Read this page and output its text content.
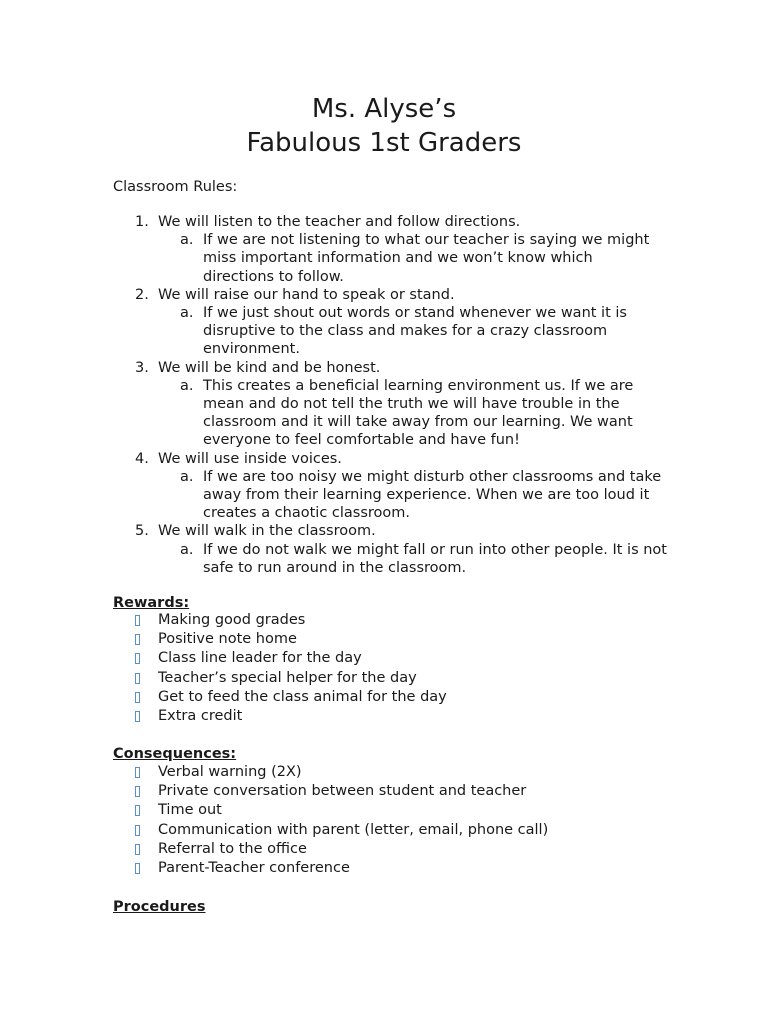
Ms. Alyse’s
Fabulous 1st Graders

Classroom Rules:

1. We will listen to the teacher and follow directions.
a. If we are not listening to what our teacher is saying we might miss important information and we won’t know which directions to follow.
2. We will raise our hand to speak or stand.
a. If we just shout out words or stand whenever we want it is disruptive to the class and makes for a crazy classroom environment.
3. We will be kind and be honest.
a. This creates a beneficial learning environment us. If we are mean and do not tell the truth we will have trouble in the classroom and it will take away from our learning. We want everyone to feel comfortable and have fun!
4. We will use inside voices.
a. If we are too noisy we might disturb other classrooms and take away from their learning experience. When we are too loud it creates a chaotic classroom.
5. We will walk in the classroom.
a. If we do not walk we might fall or run into other people. It is not safe to run around in the classroom.

Rewards:

Making good grades
Positive note home
Class line leader for the day
Teacher’s special helper for the day
Get to feed the class animal for the day
Extra credit

Consequences:

Verbal warning (2X)
Private conversation between student and teacher
Time out
Communication with parent (letter, email, phone call)
Referral to the office
Parent-Teacher conference

Procedures
